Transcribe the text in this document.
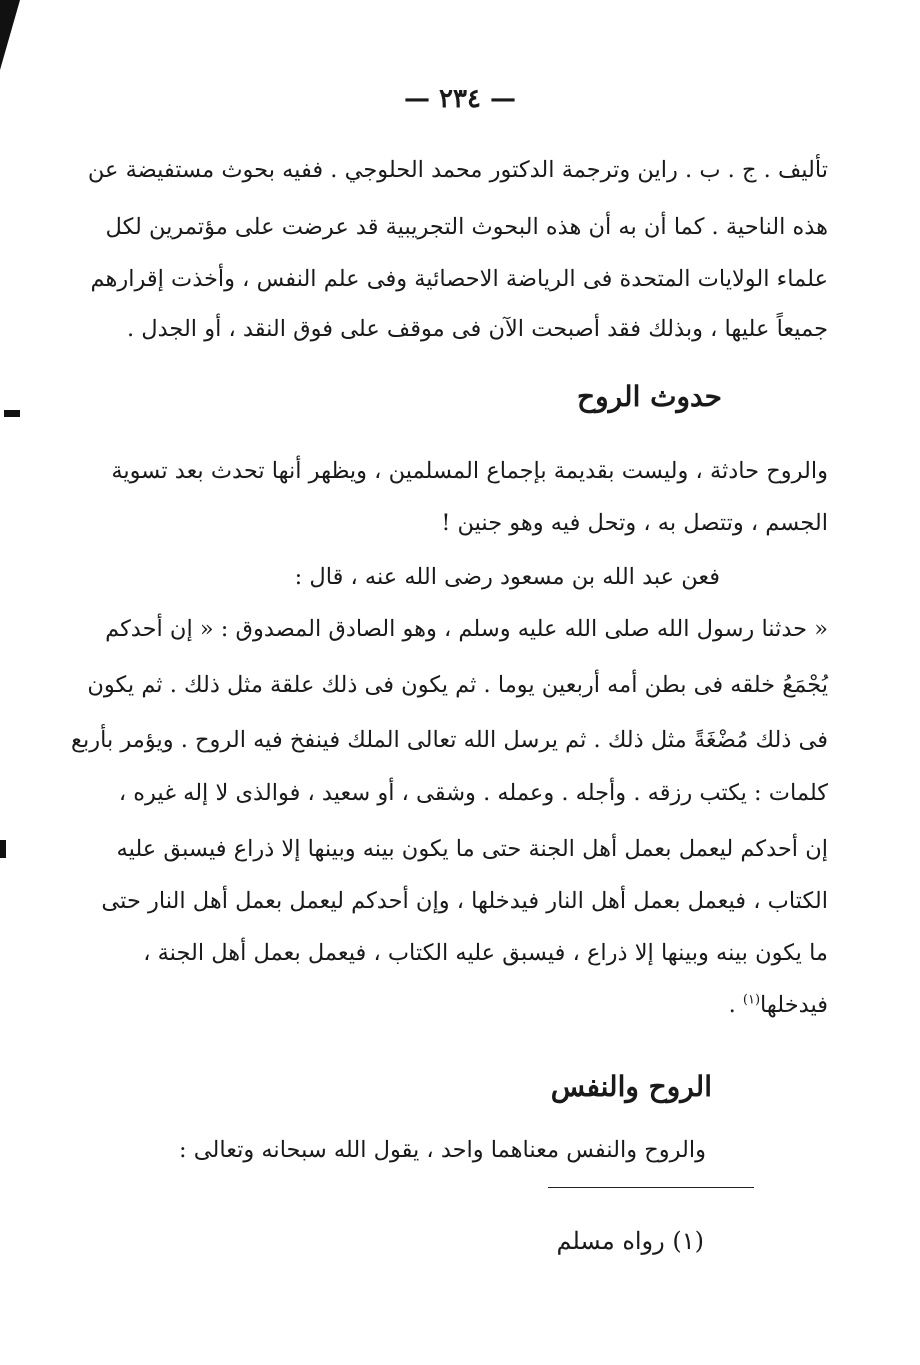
— ٢٣٤ —
تأليف . ج . ب . راين وترجمة الدكتور محمد الحلوجي . ففيه بحوث مستفيضة عن
هذه الناحية . كما أن به أن هذه البحوث التجريبية قد عرضت على مؤتمرين لكل
علماء الولايات المتحدة فى الرياضة الاحصائية وفى علم النفس ، وأخذت إقرارهم
جميعاً عليها ، وبذلك فقد أصبحت الآن فى موقف على فوق النقد ، أو الجدل .
حدوث الروح
والروح حادثة ، وليست بقديمة بإجماع المسلمين ، ويظهر أنها تحدث بعد تسوية
الجسم ، وتتصل به ، وتحل فيه وهو جنين !
فعن عبد الله بن مسعود رضى الله عنه ، قال :
« حدثنا رسول الله صلى الله عليه وسلم ، وهو الصادق المصدوق : « إن أحدكم
يُجْمَعُ خلقه فى بطن أمه أربعين يوما . ثم يكون فى ذلك علقة مثل ذلك . ثم يكون
فى ذلك مُضْغَةً مثل ذلك . ثم يرسل الله تعالى الملك فينفخ فيه الروح . ويؤمر بأربع
كلمات : يكتب رزقه . وأجله . وعمله . وشقى ، أو سعيد ، فوالذى لا إله غيره ،
إن أحدكم ليعمل بعمل أهل الجنة حتى ما يكون بينه وبينها إلا ذراع فيسبق عليه
الكتاب ، فيعمل بعمل أهل النار فيدخلها ، وإن أحدكم ليعمل بعمل أهل النار حتى
ما يكون بينه وبينها إلا ذراع ، فيسبق عليه الكتاب ، فيعمل بعمل أهل الجنة ،
فيدخلها$^{(١)}$ .
الروح والنفس
والروح والنفس معناهما واحد ، يقول الله سبحانه وتعالى :
(١) رواه مسلم
